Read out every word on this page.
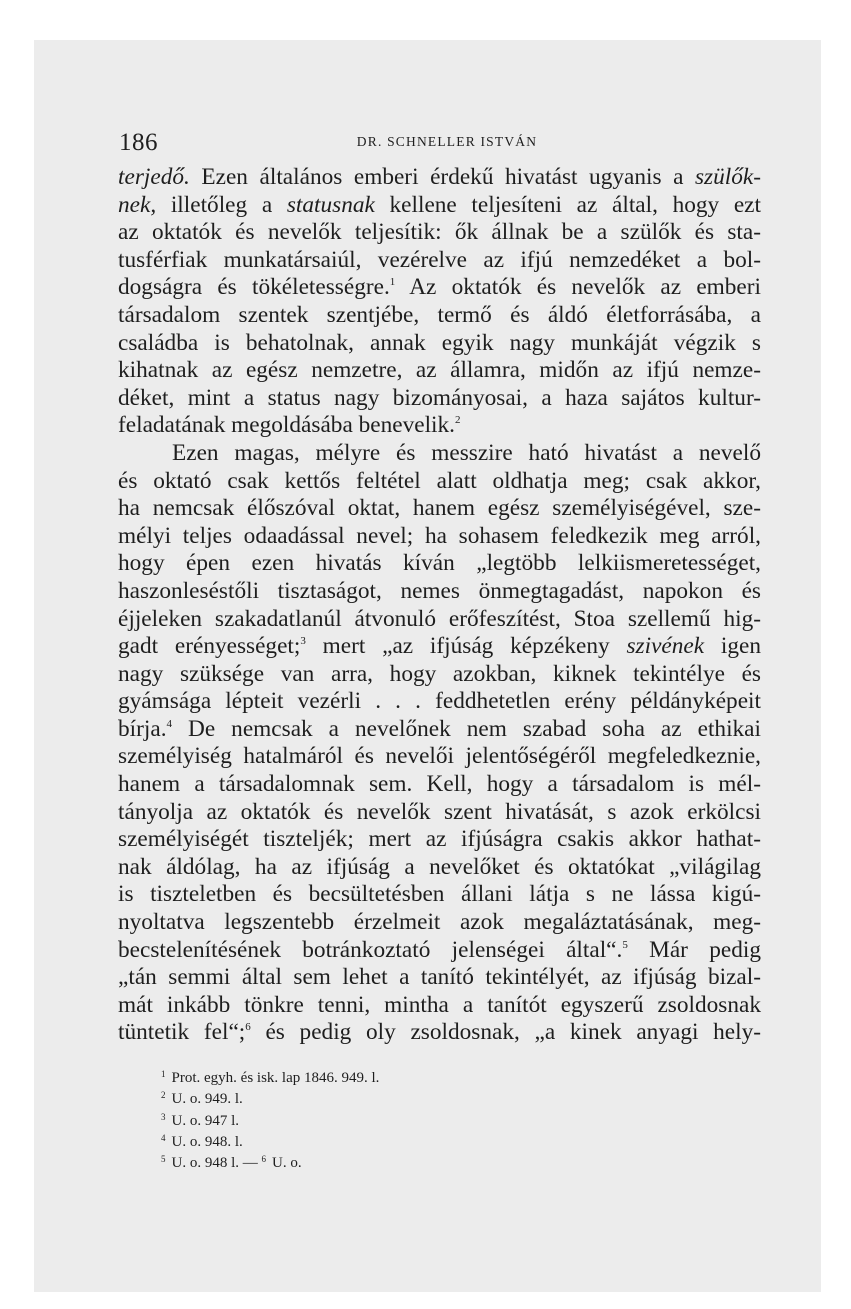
186	DR. SCHNELLER ISTVÁN
terjedő. Ezen általános emberi érdekű hivatást ugyanis a szülők-
nek, illetőleg a statusnak kellene teljesíteni az által, hogy ezt
az oktatók és nevelők teljesítik: ők állnak be a szülők és sta-
tusférfiak munkatársaiúl, vezérelve az ifjú nemzedéket a bol-
dogságra és tökéletességre.$^1$ Az oktatók és nevelők az emberi
társadalom szentek szentjébe, termő és áldó életforrásába, a
családba is behatolnak, annak egyik nagy munkáját végzik s
kihatnak az egész nemzetre, az államra, midőn az ifjú nemze-
déket, mint a status nagy bizományosai, a haza sajátos kultur-
feladatának megoldásába benevelik.$^2$
Ezen magas, mélyre és messzire ható hivatást a nevelő
és oktató csak kettős feltétel alatt oldhatja meg; csak akkor,
ha nemcsak élőszóval oktat, hanem egész személyiségével, sze-
mélyi teljes odaadással nevel; ha sohasem feledkezik meg arról,
hogy épen ezen hivatás kíván „legtöbb lelkiismeretességet,
haszonleséstőli tisztaságot, nemes önmegtagadást, napokon és
éjjeleken szakadatlanúl átvonuló erőfeszítést, Stoa szellemű hig-
gadt erényességet;$^3$ mert „az ifjúság képzékeny szivének igen
nagy szüksége van arra, hogy azokban, kiknek tekintélye és
gyámsága lépteit vezérli . . . feddhetetlen erény példányképeit
bírja.$^4$ De nemcsak a nevelőnek nem szabad soha az ethikai
személyiség hatalmáról és nevelői jelentőségéről megfeledkeznie,
hanem a társadalomnak sem. Kell, hogy a társadalom is mél-
tányolja az oktatók és nevelők szent hivatását, s azok erkölcsi
személyiségét tiszteljék; mert az ifjúságra csakis akkor hathat-
nak áldólag, ha az ifjúság a nevelőket és oktatókat „világilag
is tiszteletben és becsültetésben állani látja s ne lássa kigú-
nyoltatva legszentebb érzelmeit azok megaláztatásának, meg-
becstelenítésének botránkoztató jelenségei által“.$^5$ Már pedig
„tán semmi által sem lehet a tanító tekintélyét, az ifjúság bizal-
mát inkább tönkre tenni, mintha a tanítót egyszerű zsoldosnak
tüntetik fel“;$^6$ és pedig oly zsoldosnak, „a kinek anyagi hely-
$^1$ Prot. egyh. és isk. lap 1846. 949. l.
$^2$ U. o. 949. l.
$^3$ U. o. 947 l.
$^4$ U. o. 948. l.
$^5$ U. o. 948 l. — $^6$ U. o.
